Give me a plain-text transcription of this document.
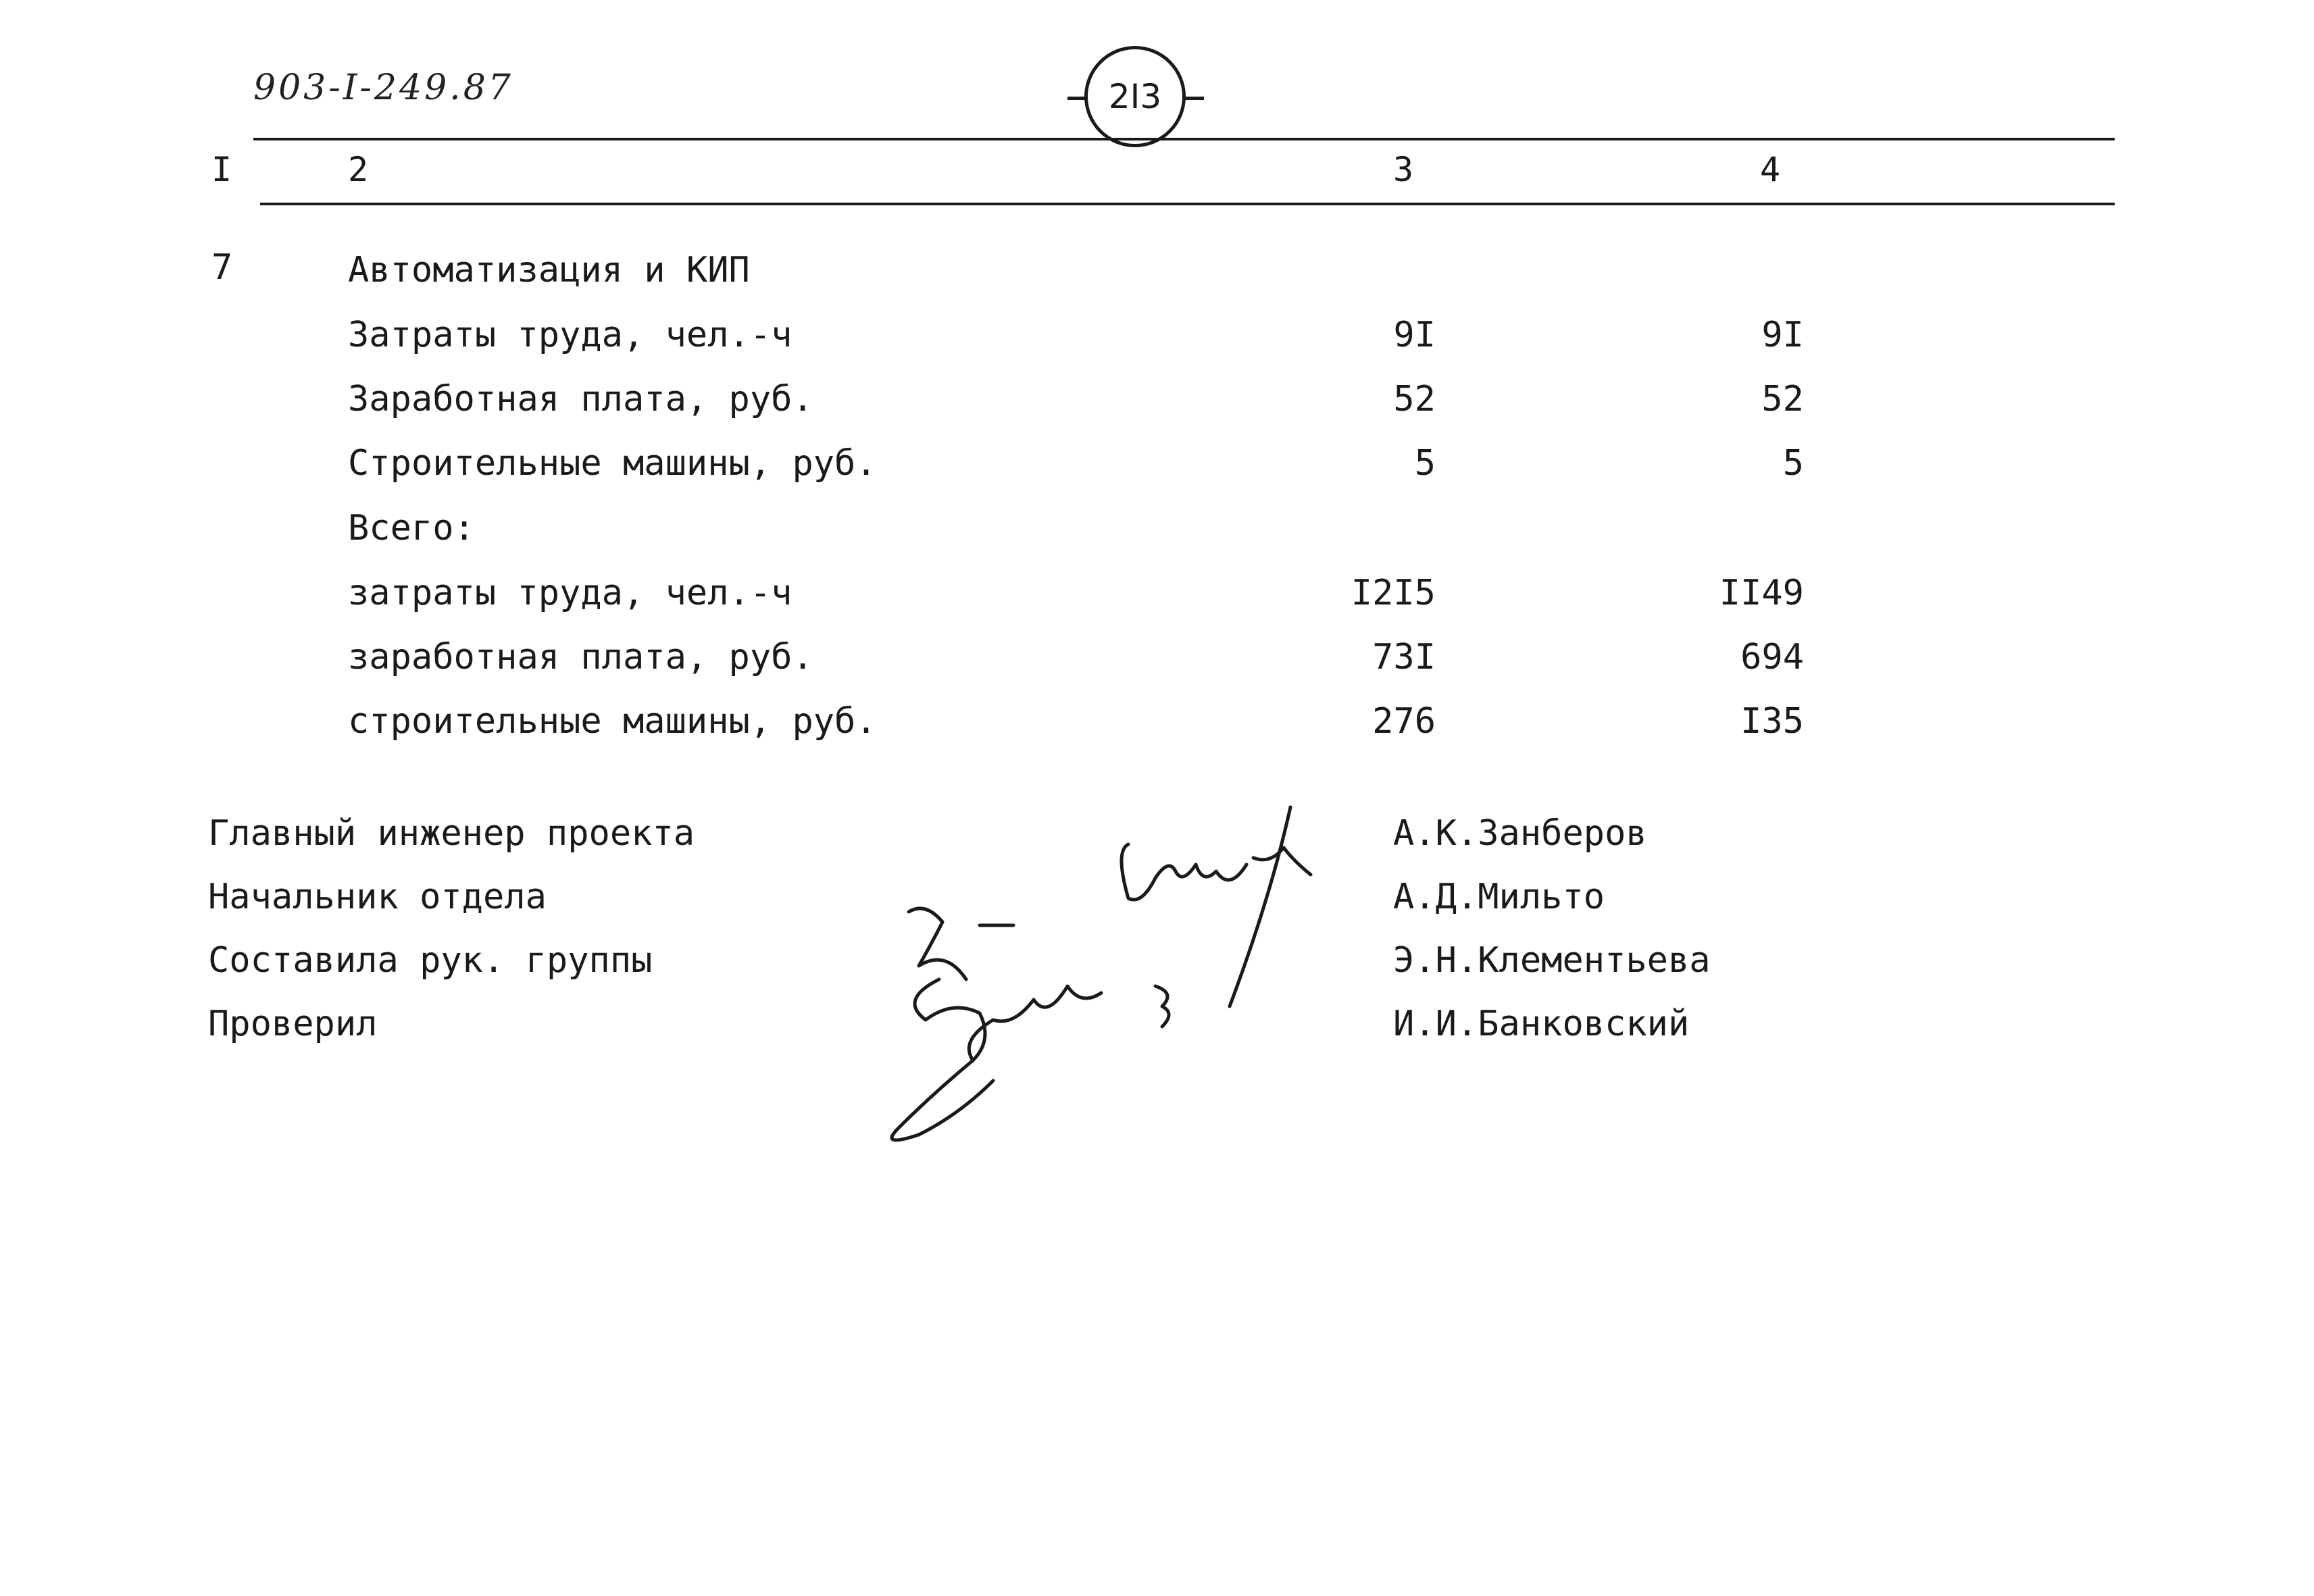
903-I-249.87	2I3
I	2	3	4
7	Автоматизация и КИП
Затраты труда, чел.-ч	9I	9I
Заработная плата, руб.	52	52
Строительные машины, руб.	5	5
Всего:
затраты труда, чел.-ч	I2I5	II49
заработная плата, руб.	73I	694
строительные машины, руб.	276	I35
Главный инженер проекта	А.К.Занберов
Начальник отдела	А.Д.Мильто
Составила рук. группы	Э.Н.Клементьева
Проверил	И.И.Банковский
